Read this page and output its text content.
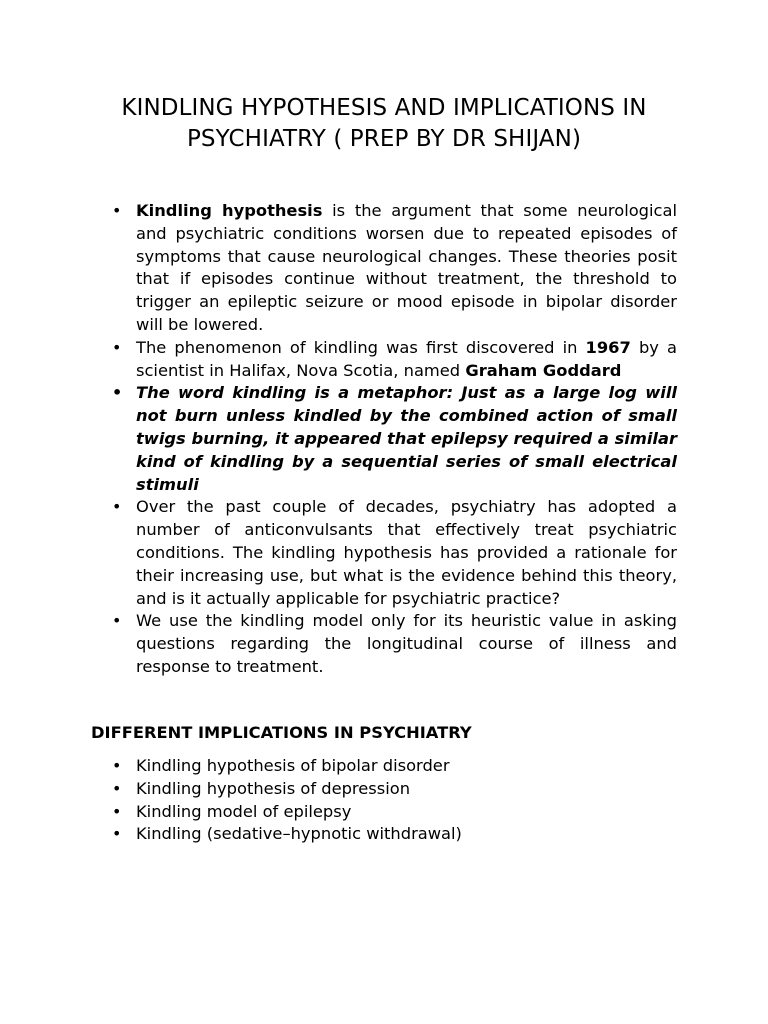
KINDLING HYPOTHESIS AND IMPLICATIONS IN
PSYCHIATRY ( PREP BY DR SHIJAN)
• Kindling hypothesis is the argument that some neurological and psychiatric conditions worsen due to repeated episodes of symptoms that cause neurological changes. These theories posit that if episodes continue without treatment, the threshold to trigger an epileptic seizure or mood episode in bipolar disorder will be lowered.
• The phenomenon of kindling was first discovered in 1967 by a scientist in Halifax, Nova Scotia, named Graham Goddard
• The word kindling is a metaphor: Just as a large log will not burn unless kindled by the combined action of small twigs burning, it appeared that epilepsy required a similar kind of kindling by a sequential series of small electrical stimuli
• Over the past couple of decades, psychiatry has adopted a number of anticonvulsants that effectively treat psychiatric conditions. The kindling hypothesis has provided a rationale for their increasing use, but what is the evidence behind this theory, and is it actually applicable for psychiatric practice?
• We use the kindling model only for its heuristic value in asking questions regarding the longitudinal course of illness and response to treatment.
DIFFERENT IMPLICATIONS IN PSYCHIATRY
• Kindling hypothesis of bipolar disorder
• Kindling hypothesis of depression
• Kindling model of epilepsy
• Kindling (sedative–hypnotic withdrawal)
